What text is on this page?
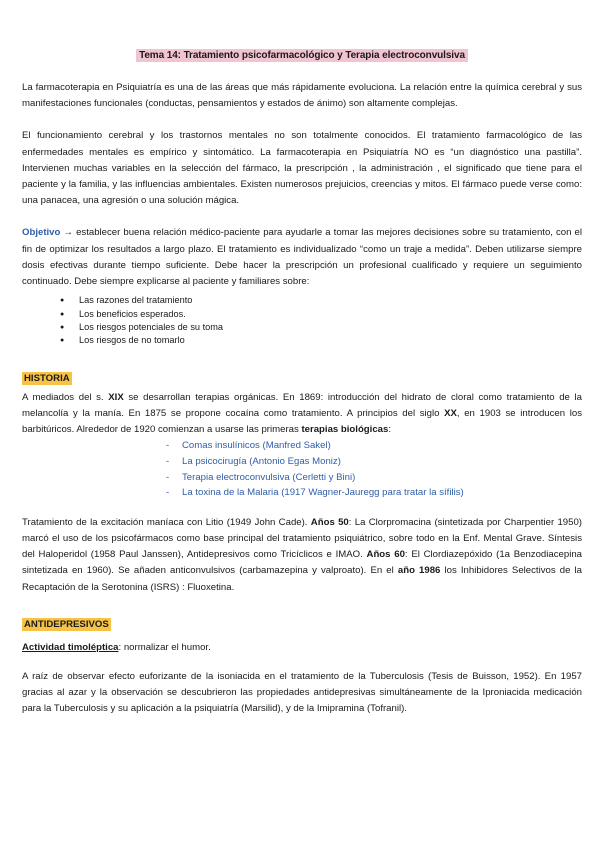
Tema 14: Tratamiento psicofarmacológico y Terapia electroconvulsiva

La farmacoterapia en Psiquiatría es una de las áreas que más rápidamente evoluciona. La relación entre la química cerebral y sus manifestaciones funcionales (conductas, pensamientos y estados de ánimo) son altamente complejas.

El funcionamiento cerebral y los trastornos mentales no son totalmente conocidos. El tratamiento farmacológico de las enfermedades mentales es empírico y sintomático. La farmacoterapia en Psiquiatría NO es “un diagnóstico una pastilla”. Intervienen muchas variables en la selección del fármaco, la prescripción , la administración , el significado que tiene para el paciente y la familia, y las influencias ambientales. Existen numerosos prejuicios, creencias y mitos. El fármaco puede verse como: una panacea, una agresión o una solución mágica.

Objetivo → establecer buena relación médico-paciente para ayudarle a tomar las mejores decisiones sobre su tratamiento, con el fin de optimizar los resultados a largo plazo. El tratamiento es individualizado “como un traje a medida”. Deben utilizarse siempre dosis efectivas durante tiempo suficiente. Debe hacer la prescripción un profesional cualificado y requiere un seguimiento continuado. Debe siempre explicarse al paciente y familiares sobre:

● Las razones del tratamiento
● Los beneficios esperados.
● Los riesgos potenciales de su toma
● Los riesgos de no tomarlo
HISTORIA

A mediados del s. XIX se desarrollan terapias orgánicas. En 1869: introducción del hidrato de cloral como tratamiento de la melancolía y la manía. En 1875 se propone cocaína como tratamiento. A principios del siglo XX, en 1903 se introducen los barbitúricos. Alrededor de 1920 comienzan a usarse las primeras terapias biológicas:

- Comas insulínicos (Manfred Sakel)
- La psicocirugía (Antonio Egas Moniz)
- Terapia electroconvulsiva (Cerletti y Bini)
- La toxina de la Malaria (1917 Wagner-Jauregg para tratar la sífilis)

Tratamiento de la excitación maníaca con Litio (1949 John Cade). Años 50: La Clorpromacina (sintetizada por Charpentier 1950) marcó el uso de los psicofármacos como base principal del tratamiento psiquiátrico, sobre todo en la Enf. Mental Grave. Síntesis del Haloperidol (1958 Paul Janssen), Antidepresivos como Tricíclicos e IMAO. Años 60: El Clordiazepóxido (1a Benzodiacepina sintetizada en 1960). Se añaden anticonvulsivos (carbamazepina y valproato). En el año 1986 los Inhibidores Selectivos de la Recaptación de la Serotonina (ISRS) : Fluoxetina.

ANTIDEPRESIVOS
Actividad timoléptica: normalizar el humor.

A raíz de observar efecto euforizante de la isoniacida en el tratamiento de la Tuberculosis (Tesis de Buisson, 1952). En 1957 gracias al azar y la observación se descubrieron las propiedades antidepresivas simultáneamente de la Iproniacida medicación para la Tuberculosis y su aplicación a la psiquiatría (Marsilid), y de la Imipramina (Tofranil).
